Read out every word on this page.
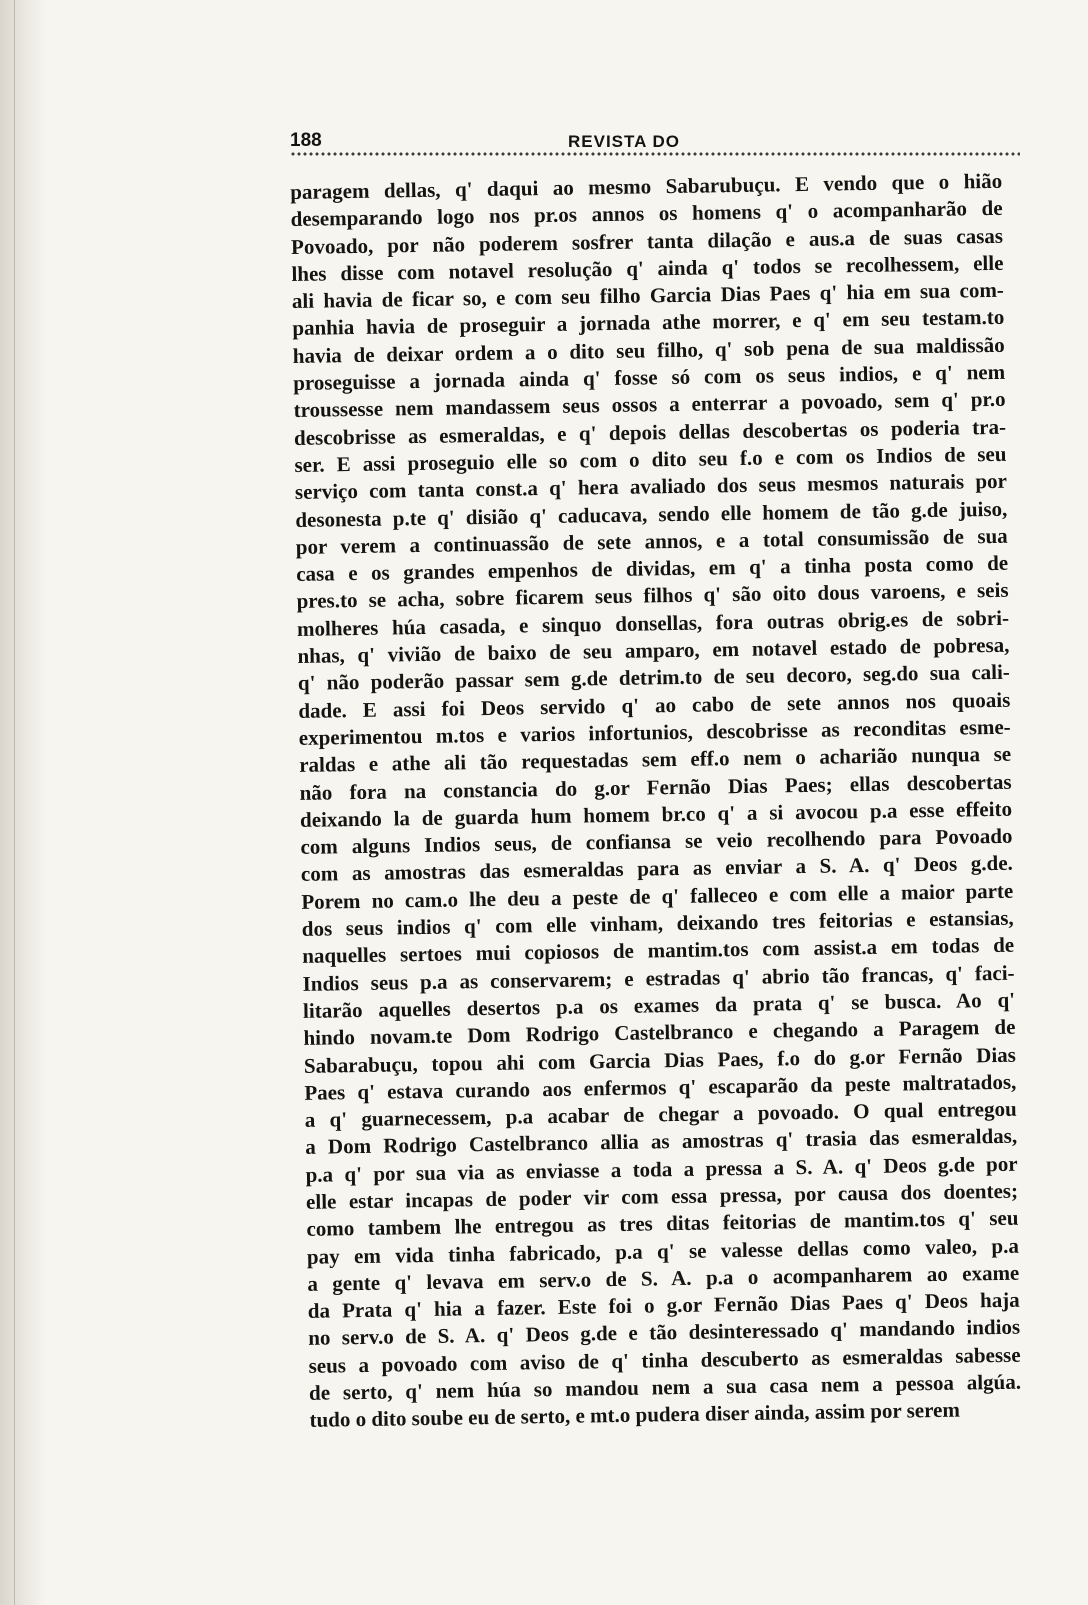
188	REVISTA DO
paragem dellas, q' daqui ao mesmo Sabarubuçu. E vendo que o hião
desemparando logo nos pr.os annos os homens q' o acompanharão de
Povoado, por não poderem sosfrer tanta dilação e aus.a de suas casas
lhes disse com notavel resolução q' ainda q' todos se recolhessem, elle
ali havia de ficar so, e com seu filho Garcia Dias Paes q' hia em sua com-
panhia havia de proseguir a jornada athe morrer, e q' em seu testam.to
havia de deixar ordem a o dito seu filho, q' sob pena de sua maldissão
proseguisse a jornada ainda q' fosse só com os seus indios, e q' nem
troussesse nem mandassem seus ossos a enterrar a povoado, sem q' pr.o
descobrisse as esmeraldas, e q' depois dellas descobertas os poderia tra-
ser. E assi proseguio elle so com o dito seu f.o e com os Indios de seu
serviço com tanta const.a q' hera avaliado dos seus mesmos naturais por
desonesta p.te q' disião q' caducava, sendo elle homem de tão g.de juiso,
por verem a continuassão de sete annos, e a total consumissão de sua
casa e os grandes empenhos de dividas, em q' a tinha posta como de
pres.to se acha, sobre ficarem seus filhos q' são oito dous varoens, e seis
molheres húa casada, e sinquo donsellas, fora outras obrig.es de sobri-
nhas, q' vivião de baixo de seu amparo, em notavel estado de pobresa,
q' não poderão passar sem g.de detrim.to de seu decoro, seg.do sua cali-
dade. E assi foi Deos servido q' ao cabo de sete annos nos quoais
experimentou m.tos e varios infortunios, descobrisse as reconditas esme-
raldas e athe ali tão requestadas sem eff.o nem o acharião nunqua se
não fora na constancia do g.or Fernão Dias Paes; ellas descobertas
deixando la de guarda hum homem br.co q' a si avocou p.a esse effeito
com alguns Indios seus, de confiansa se veio recolhendo para Povoado
com as amostras das esmeraldas para as enviar a S. A. q' Deos g.de.
Porem no cam.o lhe deu a peste de q' falleceo e com elle a maior parte
dos seus indios q' com elle vinham, deixando tres feitorias e estansias,
naquelles sertoes mui copiosos de mantim.tos com assist.a em todas de
Indios seus p.a as conservarem; e estradas q' abrio tão francas, q' faci-
litarão aquelles desertos p.a os exames da prata q' se busca. Ao q'
hindo novam.te Dom Rodrigo Castelbranco e chegando a Paragem de
Sabarabuçu, topou ahi com Garcia Dias Paes, f.o do g.or Fernão Dias
Paes q' estava curando aos enfermos q' escaparão da peste maltratados,
a q' guarnecessem, p.a acabar de chegar a povoado. O qual entregou
a Dom Rodrigo Castelbranco allia as amostras q' trasia das esmeraldas,
p.a q' por sua via as enviasse a toda a pressa a S. A. q' Deos g.de por
elle estar incapas de poder vir com essa pressa, por causa dos doentes;
como tambem lhe entregou as tres ditas feitorias de mantim.tos q' seu
pay em vida tinha fabricado, p.a q' se valesse dellas como valeo, p.a
a gente q' levava em serv.o de S. A. p.a o acompanharem ao exame
da Prata q' hia a fazer. Este foi o g.or Fernão Dias Paes q' Deos haja
no serv.o de S. A. q' Deos g.de e tão desinteressado q' mandando indios
seus a povoado com aviso de q' tinha descuberto as esmeraldas sabesse
de serto, q' nem húa so mandou nem a sua casa nem a pessoa algúa.
tudo o dito soube eu de serto, e mt.o pudera diser ainda, assim por serem
